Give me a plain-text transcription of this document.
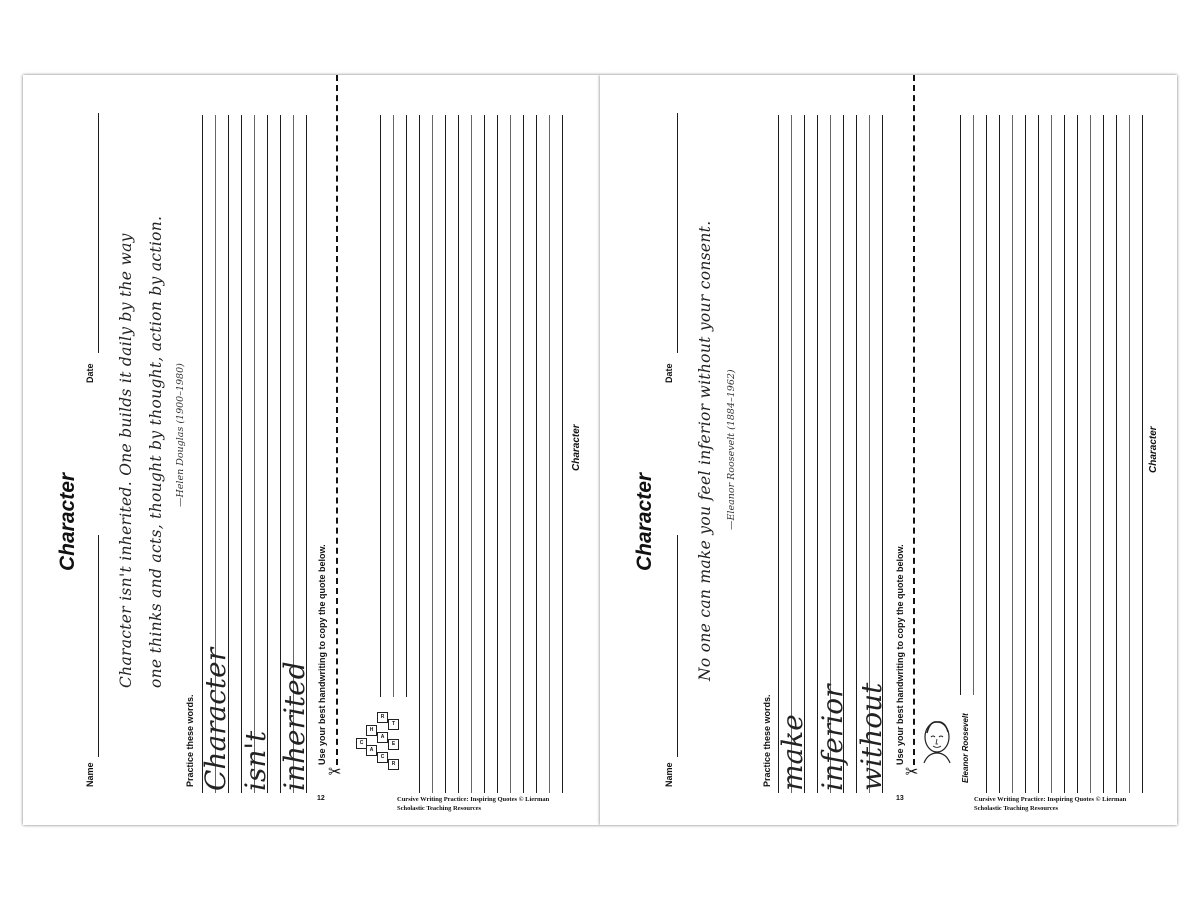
Character
Name
Date Character isn't inherited. One builds it daily by the way one thinks and acts, thought by thought, action by action. —Helen Douglas (1900–1980)
Practice these words. Character isn't inherited Use your best handwriting to copy the quote below.
12
✂
C
H
A
R
A
C
T
E
R
Character
Cursive Writing Practice: Inspiring Quotes © Lierman
Scholastic Teaching Resources
Character
Name
Date No one can make you feel inferior without your consent. —Eleanor Roosevelt (1884–1962)
Practice these words. make inferior without Use your best handwriting to copy the quote below.
13
✂	Eleanor Roosevelt
Character
Cursive Writing Practice: Inspiring Quotes © Lierman
Scholastic Teaching Resources
